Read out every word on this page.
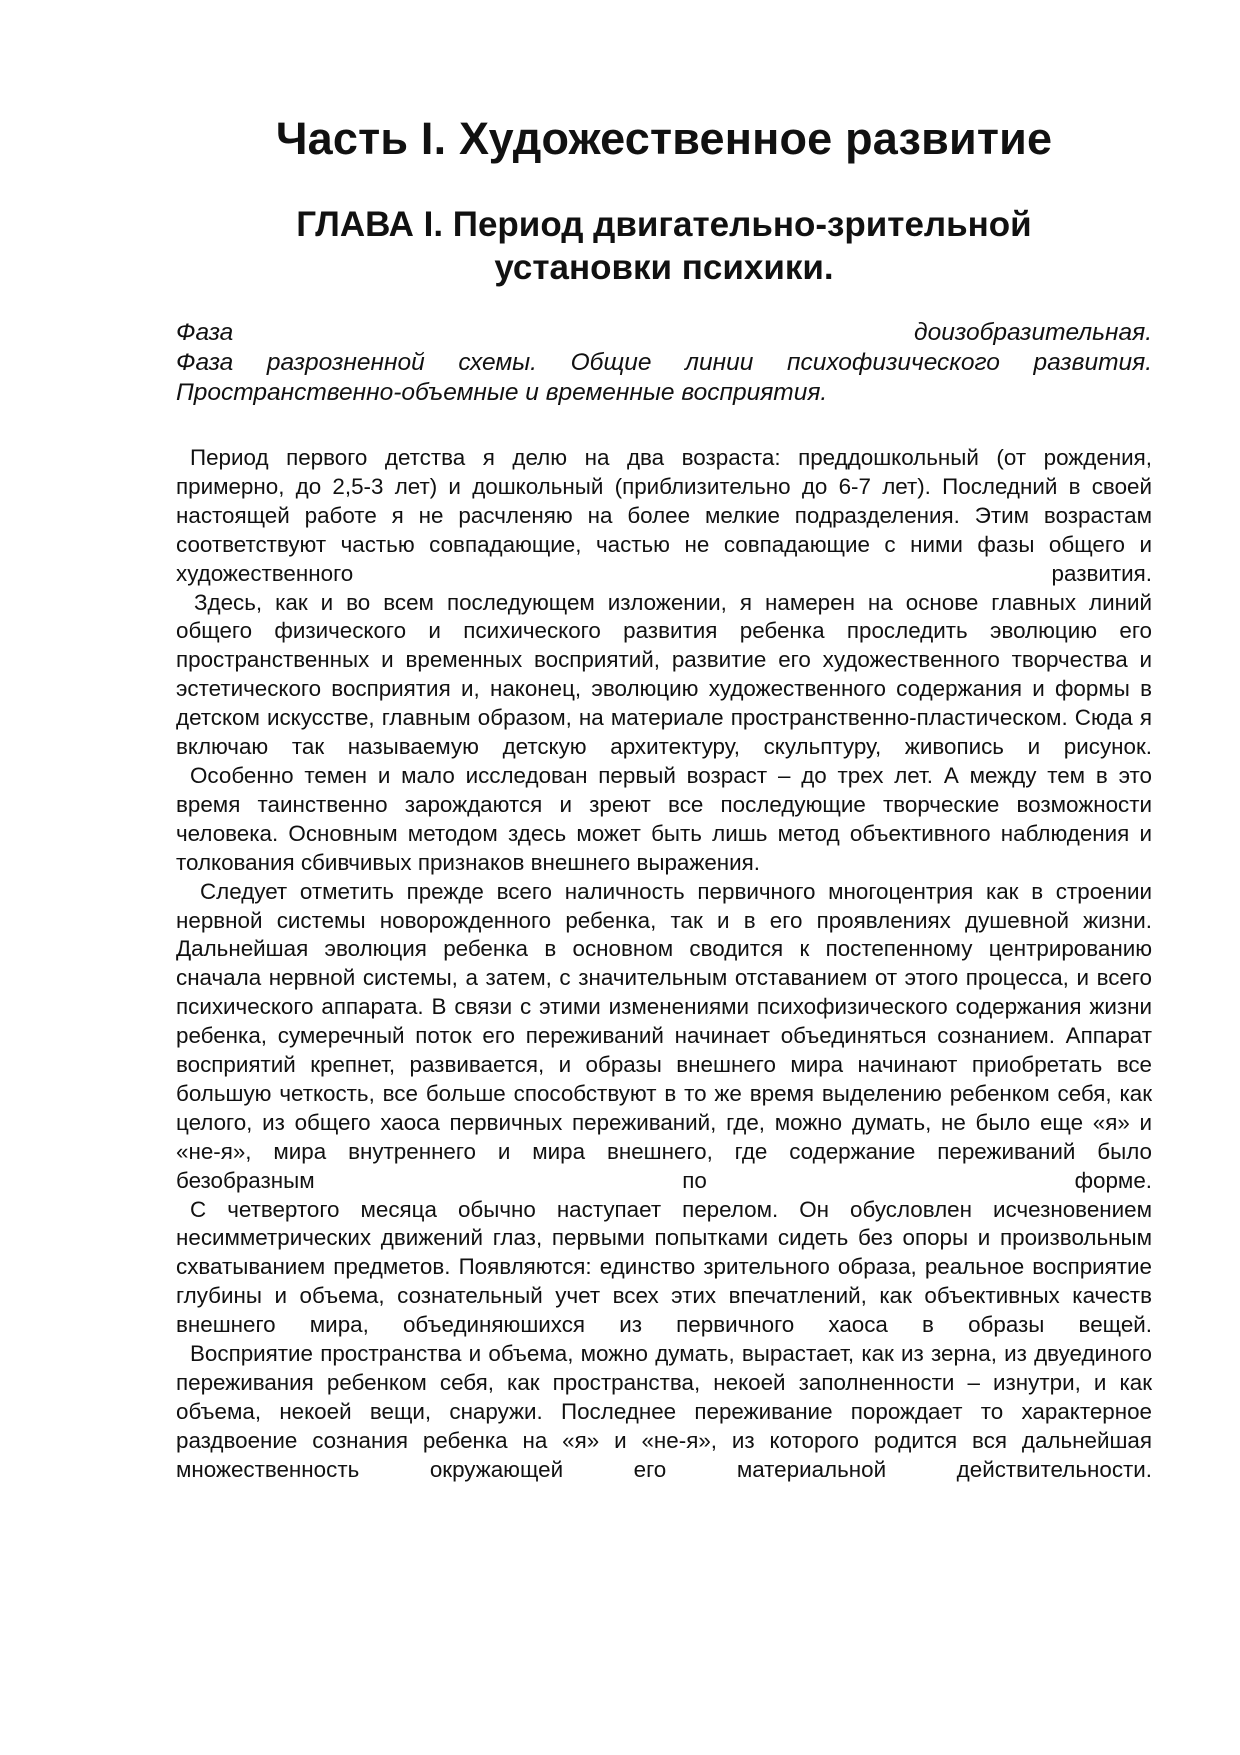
Часть I. Художественное развитие
ГЛАВА I. Период двигательно-зрительной установки психики.
Фаза доизобразительная.
Фаза разрозненной схемы. Общие линии психофизического развития.
Пространственно-объемные и временные восприятия.

Период первого детства я делю на два возраста: преддошкольный (от рождения, примерно, до 2,5-3 лет) и дошкольный (приблизительно до 6-7 лет). Последний в своей настоящей работе я не расчленяю на более мелкие подразделения. Этим возрастам соответствуют частью совпадающие, частью не совпадающие с ними фазы общего и художественного развития.

Здесь, как и во всем последующем изложении, я намерен на основе главных линий общего физического и психического развития ребенка проследить эволюцию его пространственных и временных восприятий, развитие его художественного творчества и эстетического восприятия и, наконец, эволюцию художественного содержания и формы в детском искусстве, главным образом, на материале пространственно-пластическом. Сюда я включаю так называемую детскую архитектуру, скульптуру, живопись и рисунок.

Особенно темен и мало исследован первый возраст – до трех лет. А между тем в это время таинственно зарождаются и зреют все последующие творческие возможности человека. Основным методом здесь может быть лишь метод объективного наблюдения и толкования сбивчивых признаков внешнего выражения.

Следует отметить прежде всего наличность первичного многоцентрия как в строении нервной системы новорожденного ребенка, так и в его проявлениях душевной жизни. Дальнейшая эволюция ребенка в основном сводится к постепенному центрированию сначала нервной системы, а затем, с значительным отставанием от этого процесса, и всего психического аппарата. В связи с этими изменениями психофизического содержания жизни ребенка, сумеречный поток его переживаний начинает объединяться сознанием. Аппарат восприятий крепнет, развивается, и образы внешнего мира начинают приобретать все большую четкость, все больше способствуют в то же время выделению ребенком себя, как целого, из общего хаоса первичных переживаний, где, можно думать, не было еще «я» и «не-я», мира внутреннего и мира внешнего, где содержание переживаний было безобразным по форме.

С четвертого месяца обычно наступает перелом. Он обусловлен исчезновением несимметрических движений глаз, первыми попытками сидеть без опоры и произвольным схватыванием предметов. Появляются: единство зрительного образа, реальное восприятие глубины и объема, сознательный учет всех этих впечатлений, как объективных качеств внешнего мира, объединяюшихся из первичного хаоса в образы вещей.

Восприятие пространства и объема, можно думать, вырастает, как из зерна, из двуединого переживания ребенком себя, как пространства, некоей заполненности – изнутри, и как объема, некоей вещи, снаружи. Последнее переживание порождает то характерное раздвоение сознания ребенка на «я» и «не-я», из которого родится вся дальнейшая множественность окружающей его материальной действительности.
